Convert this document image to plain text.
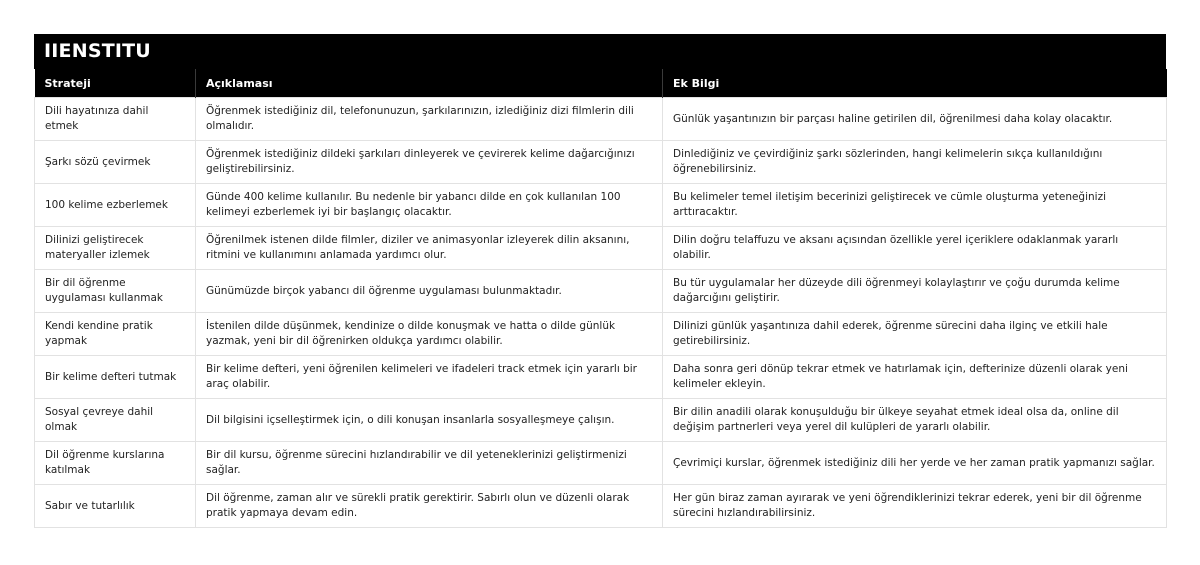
IIENSTITU
Strateji	Açıklaması	Ek Bilgi
Dili hayatınıza dahil etmek	Öğrenmek istediğiniz dil, telefonunuzun, şarkılarınızın, izlediğiniz dizi filmlerin dili olmalıdır.	Günlük yaşantınızın bir parçası haline getirilen dil, öğrenilmesi daha kolay olacaktır.
Şarkı sözü çevirmek	Öğrenmek istediğiniz dildeki şarkıları dinleyerek ve çevirerek kelime dağarcığınızı geliştirebilirsiniz.	Dinlediğiniz ve çevirdiğiniz şarkı sözlerinden, hangi kelimelerin sıkça kullanıldığını öğrenebilirsiniz.
100 kelime ezberlemek	Günde 400 kelime kullanılır. Bu nedenle bir yabancı dilde en çok kullanılan 100 kelimeyi ezberlemek iyi bir başlangıç olacaktır.	Bu kelimeler temel iletişim becerinizi geliştirecek ve cümle oluşturma yeteneğinizi arttıracaktır.
Dilinizi geliştirecek materyaller izlemek	Öğrenilmek istenen dilde filmler, diziler ve animasyonlar izleyerek dilin aksanını, ritmini ve kullanımını anlamada yardımcı olur.	Dilin doğru telaffuzu ve aksanı açısından özellikle yerel içeriklere odaklanmak yararlı olabilir.
Bir dil öğrenme uygulaması kullanmak	Günümüzde birçok yabancı dil öğrenme uygulaması bulunmaktadır.	Bu tür uygulamalar her düzeyde dili öğrenmeyi kolaylaştırır ve çoğu durumda kelime dağarcığını geliştirir.
Kendi kendine pratik yapmak	İstenilen dilde düşünmek, kendinize o dilde konuşmak ve hatta o dilde günlük yazmak, yeni bir dil öğrenirken oldukça yardımcı olabilir.	Dilinizi günlük yaşantınıza dahil ederek, öğrenme sürecini daha ilginç ve etkili hale getirebilirsiniz.
Bir kelime defteri tutmak	Bir kelime defteri, yeni öğrenilen kelimeleri ve ifadeleri track etmek için yararlı bir araç olabilir.	Daha sonra geri dönüp tekrar etmek ve hatırlamak için, defterinize düzenli olarak yeni kelimeler ekleyin.
Sosyal çevreye dahil olmak	Dil bilgisini içselleştirmek için, o dili konuşan insanlarla sosyalleşmeye çalışın.	Bir dilin anadili olarak konuşulduğu bir ülkeye seyahat etmek ideal olsa da, online dil değişim partnerleri veya yerel dil kulüpleri de yararlı olabilir.
Dil öğrenme kurslarına katılmak	Bir dil kursu, öğrenme sürecini hızlandırabilir ve dil yeteneklerinizi geliştirmenizi sağlar.	Çevrimiçi kurslar, öğrenmek istediğiniz dili her yerde ve her zaman pratik yapmanızı sağlar.
Sabır ve tutarlılık	Dil öğrenme, zaman alır ve sürekli pratik gerektirir. Sabırlı olun ve düzenli olarak pratik yapmaya devam edin.	Her gün biraz zaman ayırarak ve yeni öğrendiklerinizi tekrar ederek, yeni bir dil öğrenme sürecini hızlandırabilirsiniz.
